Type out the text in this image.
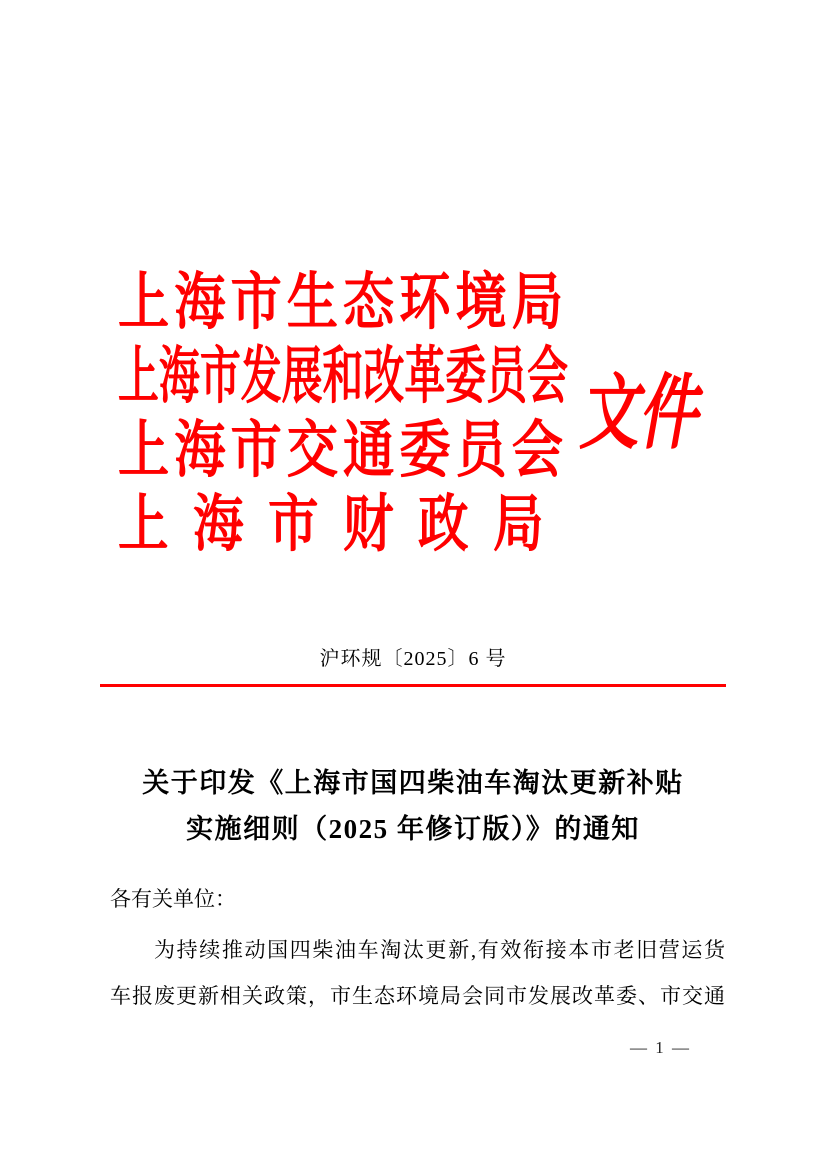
上海市生态环境局
上海市发展和改革委员会
上海市交通委员会
上海市财政局
文件
沪环规〔2025〕6 号
关于印发《上海市国四柴油车淘汰更新补贴
实施细则（2025 年修订版）》的通知
各有关单位：
为持续推动国四柴油车淘汰更新,有效衔接本市老旧营运货
车报废更新相关政策，市生态环境局会同市发展改革委、市交通
— 1 —
